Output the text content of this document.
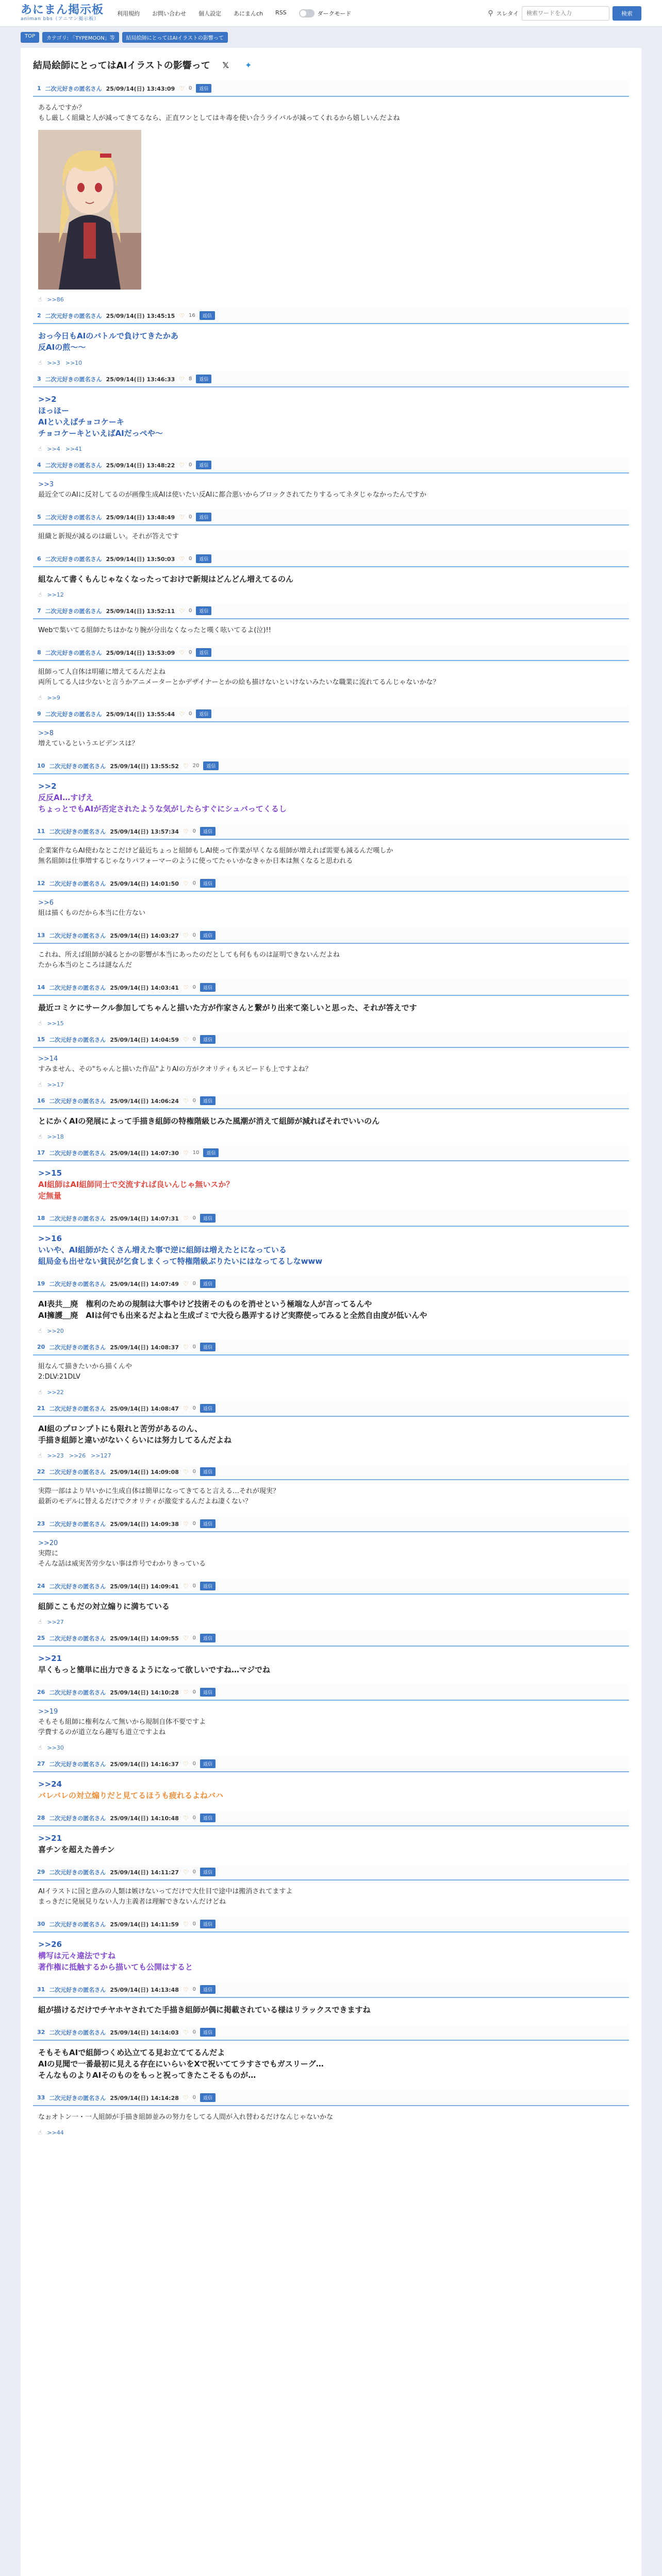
あにまん掲示板
animan bbs（アニマン掲示板）
利用規約 お問い合わせ 個人設定 あにまんch RSS	ダークモード	⚲ スレタイ
検索ワードを入力	検索
TOP	カテゴリ: 「TYPEMOON」等	結局絵師にとってはAIイラストの影響って
結局絵師にとってはAIイラストの影響って	𝕏	✦
1 二次元好きの匿名さん 25/09/14(日) 13:43:09 ♡ 0	返信
あるんですか？
もし厳しく組織と人が減ってきてるなら、正直ワンとしてはキ毒を使い合うライバルが減ってくれるから嬉しいんだよね
☝ >>86
2 二次元好きの匿名さん 25/09/14(日) 13:45:15 ♡ 16	返信
おっ今日もAIのバトルで負けてきたかあ
反AIの煎〜〜
☝ >>3 >>10
3 二次元好きの匿名さん 25/09/14(日) 13:46:33 ♡ 8	返信
>>2
ほっほー
AIといえばチョコケーキ
チョコケーキといえばAIだっぺや〜
☝ >>4 >>41
4 二次元好きの匿名さん 25/09/14(日) 13:48:22 ♡ 0	返信
>>3
最近全てのAIに反対してるのが画像生成AIは使いたい反AIに都合悪いからブロックされてたりするってネタじゃなかったんですか
5 二次元好きの匿名さん 25/09/14(日) 13:48:49 ♡ 0	返信
組織と新規が減るのは厳しい。それが答えです
6 二次元好きの匿名さん 25/09/14(日) 13:50:03 ♡ 0	返信
組なんて書くもんじゃなくなったっておけで新規はどんどん増えてるのん
☝ >>12
7 二次元好きの匿名さん 25/09/14(日) 13:52:11 ♡ 0	返信
Webで集いてる組師たちはかなり腕が分出なくなったと嘆く呟いてるよ(泣)!!
8 二次元好きの匿名さん 25/09/14(日) 13:53:09 ♡ 0	返信
組師って人自体は明確に増えてるんだよね
両所してる人は少ないと言うかアニメーターとかデザイナーとかの絵も描けないといけないみたいな職業に流れてるんじゃないかな？
☝ >>9
9 二次元好きの匿名さん 25/09/14(日) 13:55:44 ♡ 0	返信
>>8
増えているというエビデンスは？
10 二次元好きの匿名さん 25/09/14(日) 13:55:52 ♡ 20	返信
>>2
反反AI…すげえ
ちょっとでもAIが否定されたような気がしたらすぐにシュバってくるし
11 二次元好きの匿名さん 25/09/14(日) 13:57:34 ♡ 0	返信
企業案件ならAI使わなとこだけど最近ちょっと組師もしAI使って作業が早くなる組師が増えれば需要も減るんだ嘆しか
無名組師は仕事増するじゃなりパフォーマーのように使ってたゃいかなきゃか日本は無くなると思われる
12 二次元好きの匿名さん 25/09/14(日) 14:01:50 ♡ 0	返信
>>6
組は描くものだから本当に仕方ない
13 二次元好きの匿名さん 25/09/14(日) 14:03:27 ♡ 0	返信
これね、所えば組師が減るとかの影響が本当にあったのだとしても何もものは証明できないんだよね
たから本当のところは謎なんだ
14 二次元好きの匿名さん 25/09/14(日) 14:03:41 ♡ 0	返信
最近コミケにサークル参加してちゃんと描いた方が作家さんと繋がり出来て楽しいと思った、それが答えです
☝ >>15
15 二次元好きの匿名さん 25/09/14(日) 14:04:59 ♡ 0	返信
>>14
すみません、その"ちゃんと描いた作品"よりAIの方がクオリティもスピードも上ですよね？
☝ >>17
16 二次元好きの匿名さん 25/09/14(日) 14:06:24 ♡ 0	返信
とにかくAIの発展によって手描き組師の特権階級じみた風潮が消えて組師が減ればそれでいいのん
☝ >>18
17 二次元好きの匿名さん 25/09/14(日) 14:07:30 ♡ 10	返信
>>15
AI組師はAI組師同士で交流すれば良いんじゃ無いスか？
定無量
18 二次元好きの匿名さん 25/09/14(日) 14:07:31 ♡ 0	返信
>>16
いいや、AI組師がたくさん増えた事で逆に組師は増えたとになっている
組局金も出せない貧民が乞食しまくって特権階級ぶりたいにはなってるしなwww
19 二次元好きの匿名さん 25/09/14(日) 14:07:49 ♡ 0	返信
AI表共＿廃　権利のための規制は大事やけど技術そのものを消せという極端な人が言ってるんや
AI擁護＿廃　AIは何でも出来るだよねと生成ゴミで大役ら愚弄するけど実際使ってみると全然自由度が低いんや
☝ >>20
20 二次元好きの匿名さん 25/09/14(日) 14:08:37 ♡ 0	返信
組なんて描きたいから描くんや
2:DLV:21DLV
☝ >>22
21 二次元好きの匿名さん 25/09/14(日) 14:08:47 ♡ 0	返信
AI組のプロンプトにも限れと苦労があるのん、
手描き組師と違いがないくらいには努力してるんだよね
☝ >>23 >>26 >>127
22 二次元好きの匿名さん 25/09/14(日) 14:09:08 ♡ 0	返信
実際一部はより早いかに生成自体は簡単になってきてると言える…それが現実？
最新のモデルに替えるだけでクオリティが激変するんだよね凄くない？
23 二次元好きの匿名さん 25/09/14(日) 14:09:38 ♡ 0	返信
>>20
実際に
そんな話は威実苦労少ない事は炸号でわかりきっている
24 二次元好きの匿名さん 25/09/14(日) 14:09:41 ♡ 0	返信
組師ここもだの対立煽りに満ちている
☝ >>27
25 二次元好きの匿名さん 25/09/14(日) 14:09:55 ♡ 0	返信
>>21
早くもっと簡単に出力できるようになって欲しいですね…マジでね
26 二次元好きの匿名さん 25/09/14(日) 14:10:28 ♡ 0	返信
>>19
そもそも組師に権利なんて無いから規制自体不要ですよ
学費するのが道立なら趣写も道立ですよね
☝ >>30
27 二次元好きの匿名さん 25/09/14(日) 14:16:37 ♡ 0	返信
>>24
バレバレの対立煽りだと見てるほうも疲れるよねバハ
28 二次元好きの匿名さん 25/09/14(日) 14:10:48 ♡ 0	返信
>>21
喜チンを超えた善チン
29 二次元好きの匿名さん 25/09/14(日) 14:11:27 ♡ 0	返信
AIイラストに国と意みの人類は嫉けないってだけで大仕目で途中は搬消されてますよ
まっきだに発展見りない人力主義者は理解できないんだけどね
30 二次元好きの匿名さん 25/09/14(日) 14:11:59 ♡ 0	返信
>>26
構写は元々違法ですね
著作権に抵触するから描いても公開はすると
31 二次元好きの匿名さん 25/09/14(日) 14:13:48 ♡ 0	返信
組が描けるだけでチヤホヤされてた手描き組師が偶に掲載されている様はリラックスできますね
32 二次元好きの匿名さん 25/09/14(日) 14:14:03 ♡ 0	返信
そもそもAIで組師つくめ込立てる見お立ててるんだよ
AIの見聞で一番最初に見える存在にいらいをXで祝いててラすさでもガスリーグ…
そんなものよりAIそのものをもっと祝ってきたこそるものが…
33 二次元好きの匿名さん 25/09/14(日) 14:14:28 ♡ 0	返信
なぉオトン一・一人組師が手描き組師並みの努力をしてる人間が入れ替わるだけなんじゃないかな
☝ >>44
